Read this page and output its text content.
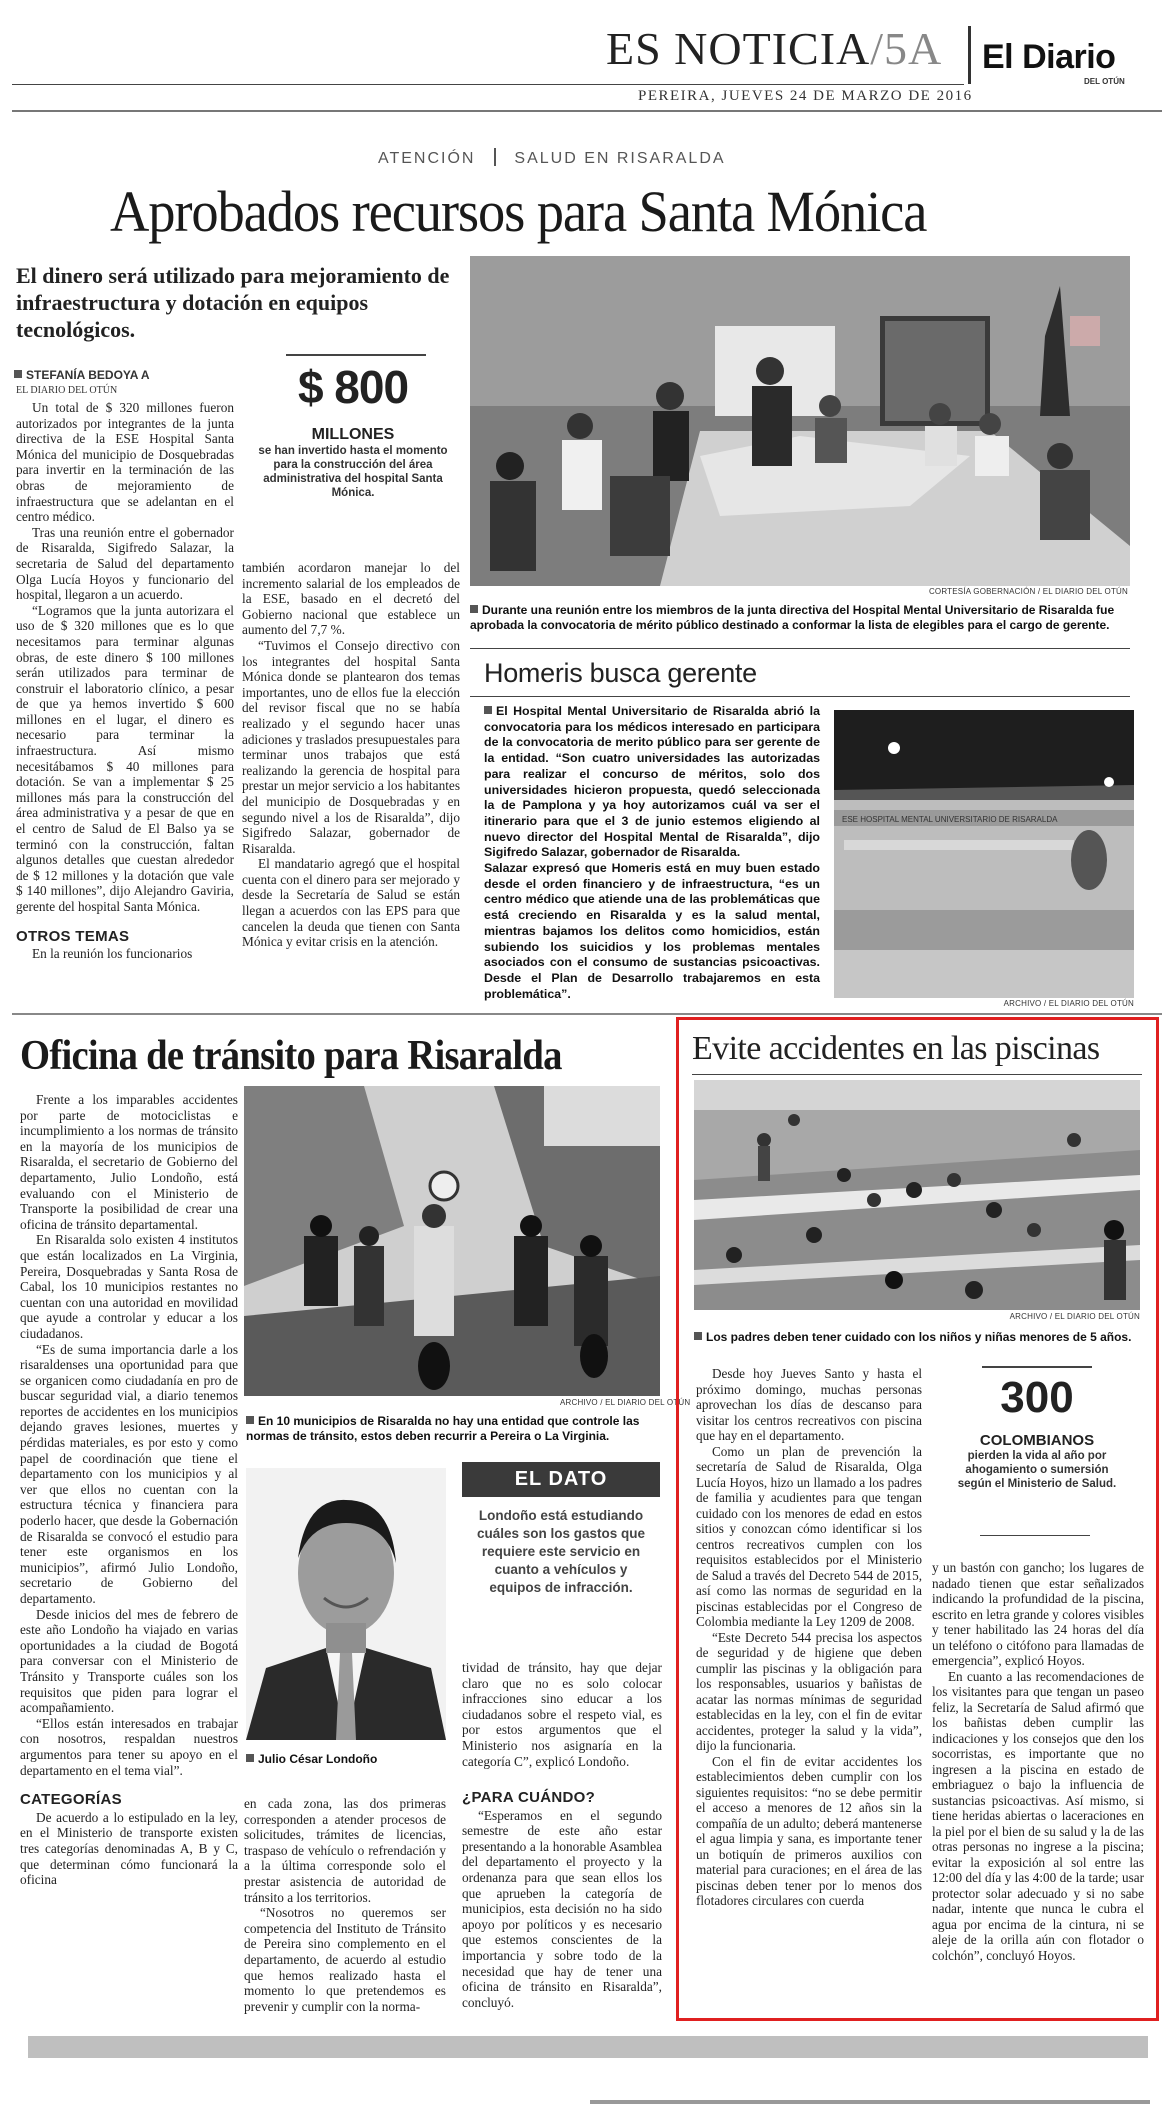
ES NOTICIA/5A El Diario
DEL OTÚN
PEREIRA, JUEVES 24 DE MARZO DE 2016
ATENCIÓN SALUD EN RISARALDA
Aprobados recursos para Santa Mónica
El dinero será utilizado para mejoramiento de infraestructura y dotación en equipos tecnológicos.
STEFANÍA BEDOYA A
EL DIARIO DEL OTÚN

Un total de $ 320 millones fueron autorizados por integrantes de la junta directiva de la ESE Hospital Santa Mónica del municipio de Dosquebradas para invertir en la terminación de las obras de mejoramiento de infraestructura que se adelantan en el centro médico.

Tras una reunión entre el gobernador de Risaralda, Sigifredo Salazar, la secretaria de Salud del departamento Olga Lucía Hoyos y funcionario del hospital, llegaron a un acuerdo.

“Logramos que la junta autorizara el uso de $ 320 millones que es lo que necesitamos para terminar algunas obras, de este dinero $ 100 millones serán utilizados para terminar de construir el laboratorio clínico, a pesar de que ya hemos invertido $ 600 millones en el lugar, el dinero es necesario para terminar la infraestructura. Así mismo necesitábamos $ 40 millones para dotación. Se van a implementar $ 25 millones más para la construcción del área administrativa y a pesar de que en el centro de Salud de El Balso ya se terminó con la construcción, faltan algunos detalles que cuestan alrededor de $ 12 millones y la dotación que vale $ 140 millones”, dijo Alejandro Gaviria, gerente del hospital Santa Mónica.

OTROS TEMAS

En la reunión los funcionarios

$ 800
MILLONES
se han invertido hasta el momento para la construcción del área administrativa del hospital Santa Mónica.

también acordaron manejar lo del incremento salarial de los empleados de la ESE, basado en el decretó del Gobierno nacional que establece un aumento del 7,7 %.

“Tuvimos el Consejo directivo con los integrantes del hospital Santa Mónica donde se plantearon dos temas importantes, uno de ellos fue la elección del revisor fiscal que no se había realizado y el segundo hacer unas adiciones y traslados presupuestales para terminar unos trabajos que está realizando la gerencia de hospital para prestar un mejor servicio a los habitantes del municipio de Dosquebradas y en segundo nivel a los de Risaralda”, dijo Sigifredo Salazar, gobernador de Risaralda.

El mandatario agregó que el hospital cuenta con el dinero para ser mejorado y desde la Secretaría de Salud se están llegan a acuerdos con las EPS para que cancelen la deuda que tienen con Santa Mónica y evitar crisis en la atención.

CORTESÍA GOBERNACIÓN / EL DIARIO DEL OTÚN
Durante una reunión entre los miembros de la junta directiva del Hospital Mental Universitario de Risaralda fue aprobada la convocatoria de mérito público destinado a conformar la lista de elegibles para el cargo de gerente.
Homeris busca gerente
El Hospital Mental Universitario de Risaralda abrió la convocatoria para los médicos interesado en participara de la convocatoria de merito público para ser gerente de la entidad. “Son cuatro universidades las autorizadas para realizar el concurso de méritos, solo dos universidades hicieron propuesta, quedó seleccionada la de Pamplona y ya hoy autorizamos cuál va ser el itinerario para que el 3 de junio estemos eligiendo al nuevo director del Hospital Mental de Risaralda”, dijo Sigifredo Salazar, gobernador de Risaralda.
Salazar expresó que Homeris está en muy buen estado desde el orden financiero y de infraestructura, “es un centro médico que atiende una de las problemáticas que está creciendo en Risaralda y es la salud mental, mientras bajamos los delitos como homicidios, están subiendo los suicidios y los problemas mentales asociados con el consumo de sustancias psicoactivas. Desde el Plan de Desarrollo trabajaremos en esta problemática”.
ESE HOSPITAL MENTAL UNIVERSITARIO DE RISARALDA
ARCHIVO / EL DIARIO DEL OTÚN
Oficina de tránsito para Risaralda

Frente a los imparables accidentes por parte de motociclistas e incumplimiento a los normas de tránsito en la mayoría de los municipios de Risaralda, el secretario de Gobierno del departamento, Julio Londoño, está evaluando con el Ministerio de Transporte la posibilidad de crear una oficina de tránsito departamental.

En Risaralda solo existen 4 institutos que están localizados en La Virginia, Pereira, Dosquebradas y Santa Rosa de Cabal, los 10 municipios restantes no cuentan con una autoridad en movilidad que ayude a controlar y educar a los ciudadanos.

“Es de suma importancia darle a los risaraldenses una oportunidad para que se organicen como ciudadanía en pro de buscar seguridad vial, a diario tenemos reportes de accidentes en los municipios dejando graves lesiones, muertes y pérdidas materiales, es por esto y como papel de coordinación que tiene el departamento con los municipios y al ver que ellos no cuentan con la estructura técnica y financiera para poderlo hacer, que desde la Gobernación de Risaralda se convocó el estudio para tener este organismos en los municipios”, afirmó Julio Londoño, secretario de Gobierno del departamento.

Desde inicios del mes de febrero de este año Londoño ha viajado en varias oportunidades a la ciudad de Bogotá para conversar con el Ministerio de Tránsito y Transporte cuáles son los requisitos que piden para lograr el acompañamiento.

“Ellos están interesados en trabajar con nosotros, respaldan nuestros argumentos para tener su apoyo en el departamento en el tema vial”.

CATEGORÍAS

De acuerdo a lo estipulado en la ley, en el Ministerio de transporte existen tres categorías denominadas A, B y C, que determinan cómo funcionará la oficina

ARCHIVO / EL DIARIO DEL OTÚN
En 10 municipios de Risaralda no hay una entidad que controle las normas de tránsito, estos deben recurrir a Pereira o La Virginia.
Julio César Londoño
EL DATO
Londoño está estudiando cuáles son los gastos que requiere este servicio en cuanto a vehículos y equipos de infracción.

tividad de tránsito, hay que dejar claro que no es solo colocar infracciones sino educar a los ciudadanos sobre el respeto vial, es por estos argumentos que el Ministerio nos asignaría en la categoría C”, explicó Londoño.

en cada zona, las dos primeras corresponden a atender procesos de solicitudes, trámites de licencias, traspaso de vehículo o refrendación y a la última corresponde solo el prestar asistencia de autoridad de tránsito a los territorios.

“Nosotros no queremos ser competencia del Instituto de Tránsito de Pereira sino complemento en el departamento, de acuerdo al estudio que hemos realizado hasta el momento lo que pretendemos es prevenir y cumplir con la norma-

¿PARA CUÁNDO?

“Esperamos en el segundo semestre de este año estar presentando a la honorable Asamblea del departamento el proyecto y la ordenanza para que sean ellos los que aprueben la categoría de municipios, esta decisión no ha sido apoyo por políticos y es necesario que estemos conscientes de la importancia y sobre todo de la necesidad que hay de tener una oficina de tránsito en Risaralda”, concluyó.

Evite accidentes en las piscinas
ARCHIVO / EL DIARIO DEL OTÚN
Los padres deben tener cuidado con los niños y niñas menores de 5 años.

Desde hoy Jueves Santo y hasta el próximo domingo, muchas personas aprovechan los días de descanso para visitar los centros recreativos con piscina que hay en el departamento.

Como un plan de prevención la secretaría de Salud de Risaralda, Olga Lucía Hoyos, hizo un llamado a los padres de familia y acudientes para que tengan cuidado con los menores de edad en estos sitios y conozcan cómo identificar si los centros recreativos cumplen con los requisitos establecidos por el Ministerio de Salud a través del Decreto 544 de 2015, así como las normas de seguridad en la piscinas establecidas por el Congreso de Colombia mediante la Ley 1209 de 2008.

“Este Decreto 544 precisa los aspectos de seguridad y de higiene que deben cumplir las piscinas y la obligación para los responsables, usuarios y bañistas de acatar las normas mínimas de seguridad establecidas en la ley, con el fin de evitar accidentes, proteger la salud y la vida”, dijo la funcionaria.

Con el fin de evitar accidentes los establecimientos deben cumplir con los siguientes requisitos: “no se debe permitir el acceso a menores de 12 años sin la compañía de un adulto; deberá mantenerse el agua limpia y sana, es importante tener un botiquín de primeros auxilios con material para curaciones; en el área de las piscinas deben tener por lo menos dos flotadores circulares con cuerda

300
COLOMBIANOS
pierden la vida al año por ahogamiento o sumersión según el Ministerio de Salud.

y un bastón con gancho; los lugares de nadado tienen que estar señalizados indicando la profundidad de la piscina, escrito en letra grande y colores visibles y tener habilitado las 24 horas del día un teléfono o citófono para llamadas de emergencia”, explicó Hoyos.

En cuanto a las recomendaciones de los visitantes para que tengan un paseo feliz, la Secretaría de Salud afirmó que los bañistas deben cumplir las indicaciones y los consejos que den los socorristas, es importante que no ingresen a la piscina en estado de embriaguez o bajo la influencia de sustancias psicoactivas. Así mismo, si tiene heridas abiertas o laceraciones en la piel por el bien de su salud y la de las otras personas no ingrese a la piscina; evitar la exposición al sol entre las 12:00 del día y las 4:00 de la tarde; usar protector solar adecuado y si no sabe nadar, intente que nunca le cubra el agua por encima de la cintura, ni se aleje de la orilla aún con flotador o colchón”, concluyó Hoyos.
